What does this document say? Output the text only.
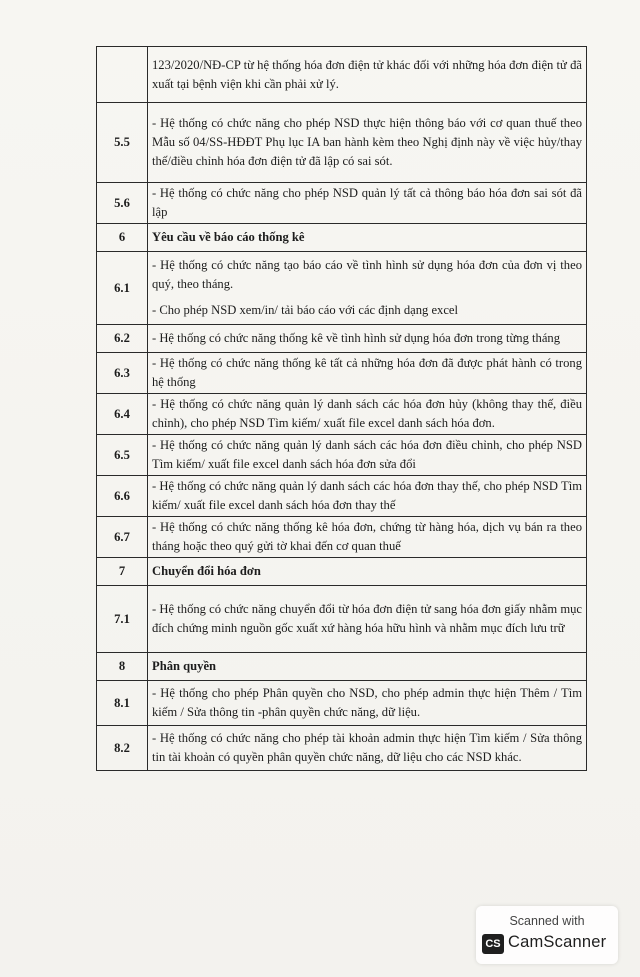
	123/2020/NĐ-CP từ hệ thống hóa đơn điện tử khác đối với những hóa đơn điện tử đã xuất tại bệnh viện khi cần phải xử lý.

5.5	- Hệ thống có chức năng cho phép NSD thực hiện thông báo với cơ quan thuế theo Mẫu số 04/SS-HĐĐT Phụ lục IA ban hành kèm theo Nghị định này về việc hủy/thay thế/điều chỉnh hóa đơn điện tử đã lập có sai sót.

5.6	- Hệ thống có chức năng cho phép NSD quản lý tất cả thông báo hóa đơn sai sót đã lập

6	Yêu cầu về báo cáo thống kê

6.1	- Hệ thống có chức năng tạo báo cáo về tình hình sử dụng hóa đơn của đơn vị theo quý, theo tháng.

- Cho phép NSD xem/in/ tải báo cáo với các định dạng excel

6.2	- Hệ thống có chức năng thống kê về tình hình sử dụng hóa đơn trong từng tháng

6.3	- Hệ thống có chức năng thống kê tất cả những hóa đơn đã được phát hành có trong hệ thống

6.4	- Hệ thống có chức năng quản lý danh sách các hóa đơn hủy (không thay thế, điều chỉnh), cho phép NSD Tìm kiếm/ xuất file excel danh sách hóa đơn.

6.5	- Hệ thống có chức năng quản lý danh sách các hóa đơn điều chỉnh, cho phép NSD Tìm kiếm/ xuất file excel danh sách hóa đơn sửa đổi

6.6	- Hệ thống có chức năng quản lý danh sách các hóa đơn thay thế, cho phép NSD Tìm kiếm/ xuất file excel danh sách hóa đơn thay thế

6.7	- Hệ thống có chức năng thống kê hóa đơn, chứng từ hàng hóa, dịch vụ bán ra theo tháng hoặc theo quý gửi tờ khai đến cơ quan thuế

7	Chuyển đổi hóa đơn

7.1	- Hệ thống có chức năng chuyển đổi từ hóa đơn điện tử sang hóa đơn giấy nhằm mục đích chứng minh nguồn gốc xuất xứ hàng hóa hữu hình và nhằm mục đích lưu trữ

8	Phân quyền

8.1	- Hệ thống cho phép Phân quyền cho NSD, cho phép admin thực hiện Thêm / Tìm kiếm / Sửa thông tin -phân quyền chức năng, dữ liệu.

8.2	- Hệ thống có chức năng cho phép tài khoản admin thực hiện Tìm kiếm / Sửa thông tin tài khoản có quyền phân quyền chức năng, dữ liệu cho các NSD khác.

Scanned with
CS CamScanner
